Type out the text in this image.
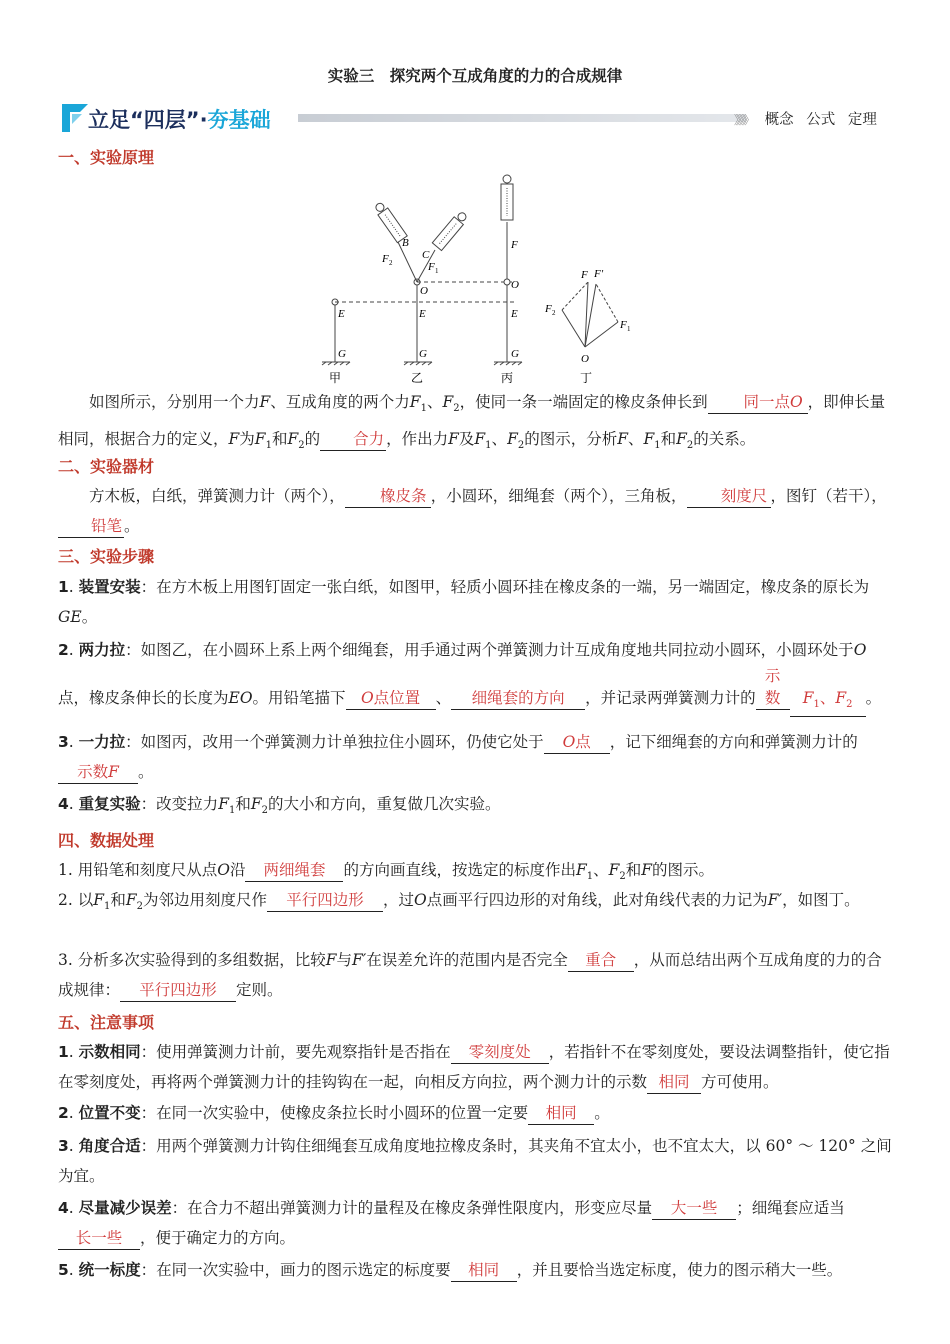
实验三　探究两个互成角度的力的合成规律
立足“四层”·夯基础	》》》》 概念 公式 定理
一、实验原理
E
G
甲
B
C
F 2	F 1
O
E
G
乙
F
O
E
G
丙
F 2
F 1
F F′
O
丁

如图所示，分别用一个力F、互成角度的两个力$F_1$、$F_2$，使同一条一端固定的橡皮条伸长到 同一点O ，即伸长量相同，根据合力的定义，F为$F_1$和$F_2$的 合力 ，作出力F及$F_1$、$F_2$的图示，分析F、$F_1$和$F_2$的关系。

二、实验器材

方木板，白纸，弹簧测力计（两个）， 橡皮条 ，小圆环，细绳套（两个），三角板， 刻度尺 ，图钉（若干），铅笔 。

三、实验步骤

1. 装置安装：在方木板上用图钉固定一张白纸，如图甲，轻质小圆环挂在橡皮条的一端，另一端固定，橡皮条的原长为GE。

2. 两力拉：如图乙，在小圆环上系上两个细绳套，用手通过两个弹簧测力计互成角度地共同拉动小圆环，小圆环处于O点，橡皮条伸长的长度为EO。用铅笔描下 O点位置 、 细绳套的方向 ，并记录两弹簧测力计的示数 $F_1$、$F_2$ 。

3. 一力拉：如图丙，改用一个弹簧测力计单独拉住小圆环，仍使它处于 O点 ，记下细绳套的方向和弹簧测力计的示数F 。

4. 重复实验：改变拉力$F_1$和$F_2$的大小和方向，重复做几次实验。

四、数据处理

1. 用铅笔和刻度尺从点O沿 两细绳套 的方向画直线，按选定的标度作出$F_1$、$F_2$和F的图示。

2. 以$F_1$和$F_2$为邻边用刻度尺作 平行四边形 ，过O点画平行四边形的对角线，此对角线代表的力记为F′，如图丁。

3. 分析多次实验得到的多组数据，比较F与F′在误差允许的范围内是否完全 重合 ，从而总结出两个互成角度的力的合成规律： 平行四边形 定则。

五、注意事项

1. 示数相同：使用弹簧测力计前，要先观察指针是否指在 零刻度处 ，若指针不在零刻度处，要设法调整指针，使它指在零刻度处，再将两个弹簧测力计的挂钩钩在一起，向相反方向拉，两个测力计的示数 相同 方可使用。

2. 位置不变：在同一次实验中，使橡皮条拉长时小圆环的位置一定要 相同 。

3. 角度合适：用两个弹簧测力计钩住细绳套互成角度地拉橡皮条时，其夹角不宜太小，也不宜太大，以 60° ～ 120° 之间为宜。

4. 尽量减少误差：在合力不超出弹簧测力计的量程及在橡皮条弹性限度内，形变应尽量 大一些 ；细绳套应适当长一些 ，便于确定力的方向。

5. 统一标度：在同一次实验中，画力的图示选定的标度要 相同 ，并且要恰当选定标度，使力的图示稍大一些。
